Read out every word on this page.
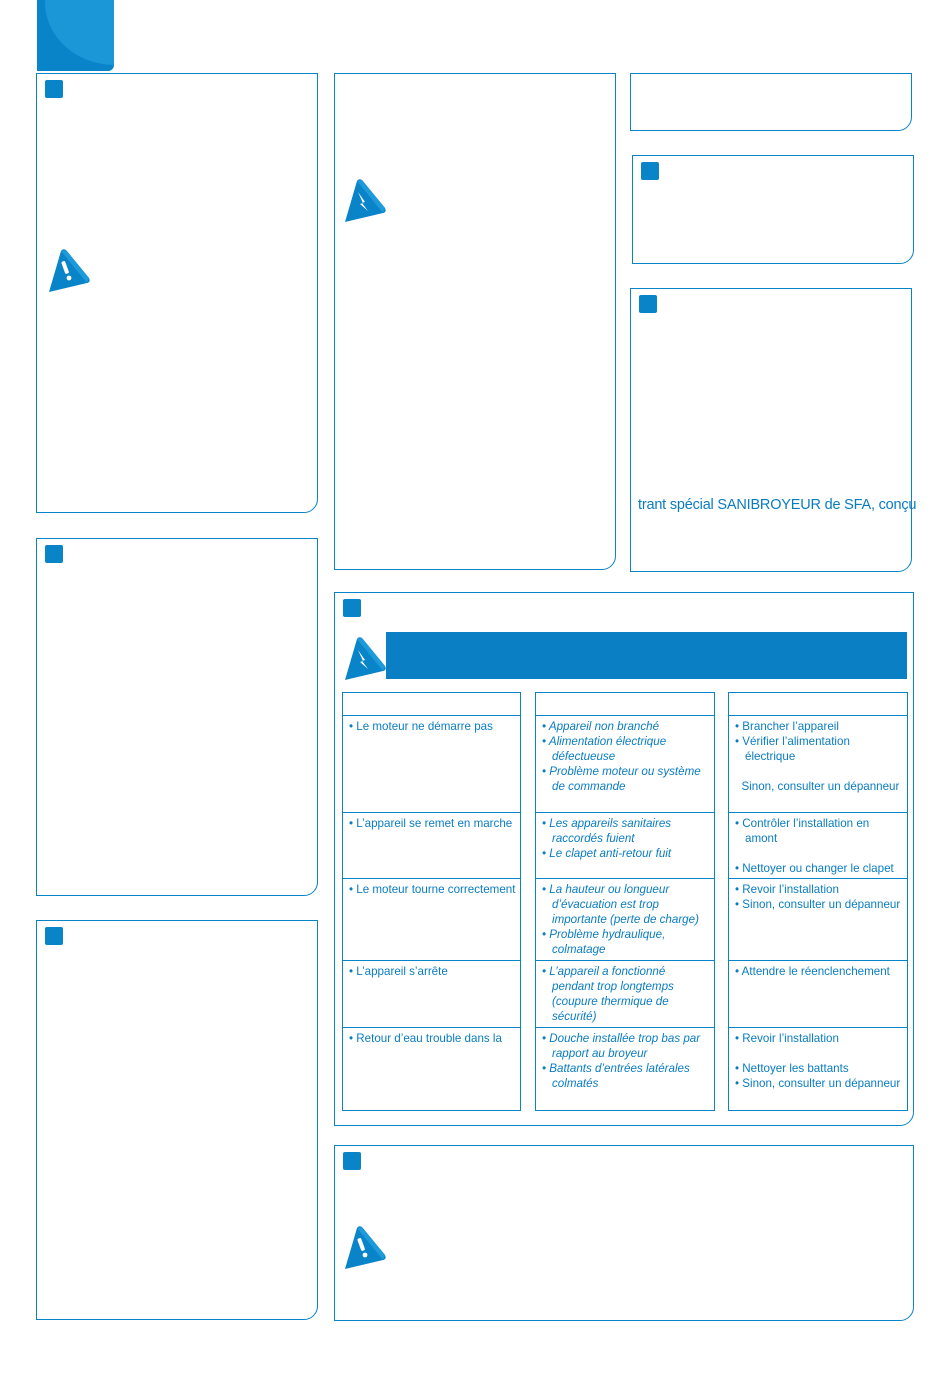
trant spécial SANIBROYEUR de SFA, conçu
• Le moteur ne démarre pas
• L’appareil se remet en marche
• Le moteur tourne correctement
• L’appareil s’arrête
• Retour d’eau trouble dans la
• Appareil non branché
• Alimentation électrique défectueuse
• Problème moteur ou système de commande
• Les appareils sanitaires raccordés fuient
• Le clapet anti-retour fuit
• La hauteur ou longueur d’évacuation est trop importante (perte de charge)
• Problème hydraulique, colmatage
• L’appareil a fonctionné pendant trop longtemps (coupure thermique de sécurité)
• Douche installée trop bas par rapport au broyeur
• Battants d’entrées latérales colmatés
• Brancher l’appareil
• Vérifier l’alimentation électrique
Sinon, consulter un dépanneur
• Contrôler l’installation en amont
• Nettoyer ou changer le clapet
• Revoir l’installation
• Sinon, consulter un dépanneur
• Attendre le réenclenchement
• Revoir l’installation
• Nettoyer les battants
• Sinon, consulter un dépanneur
